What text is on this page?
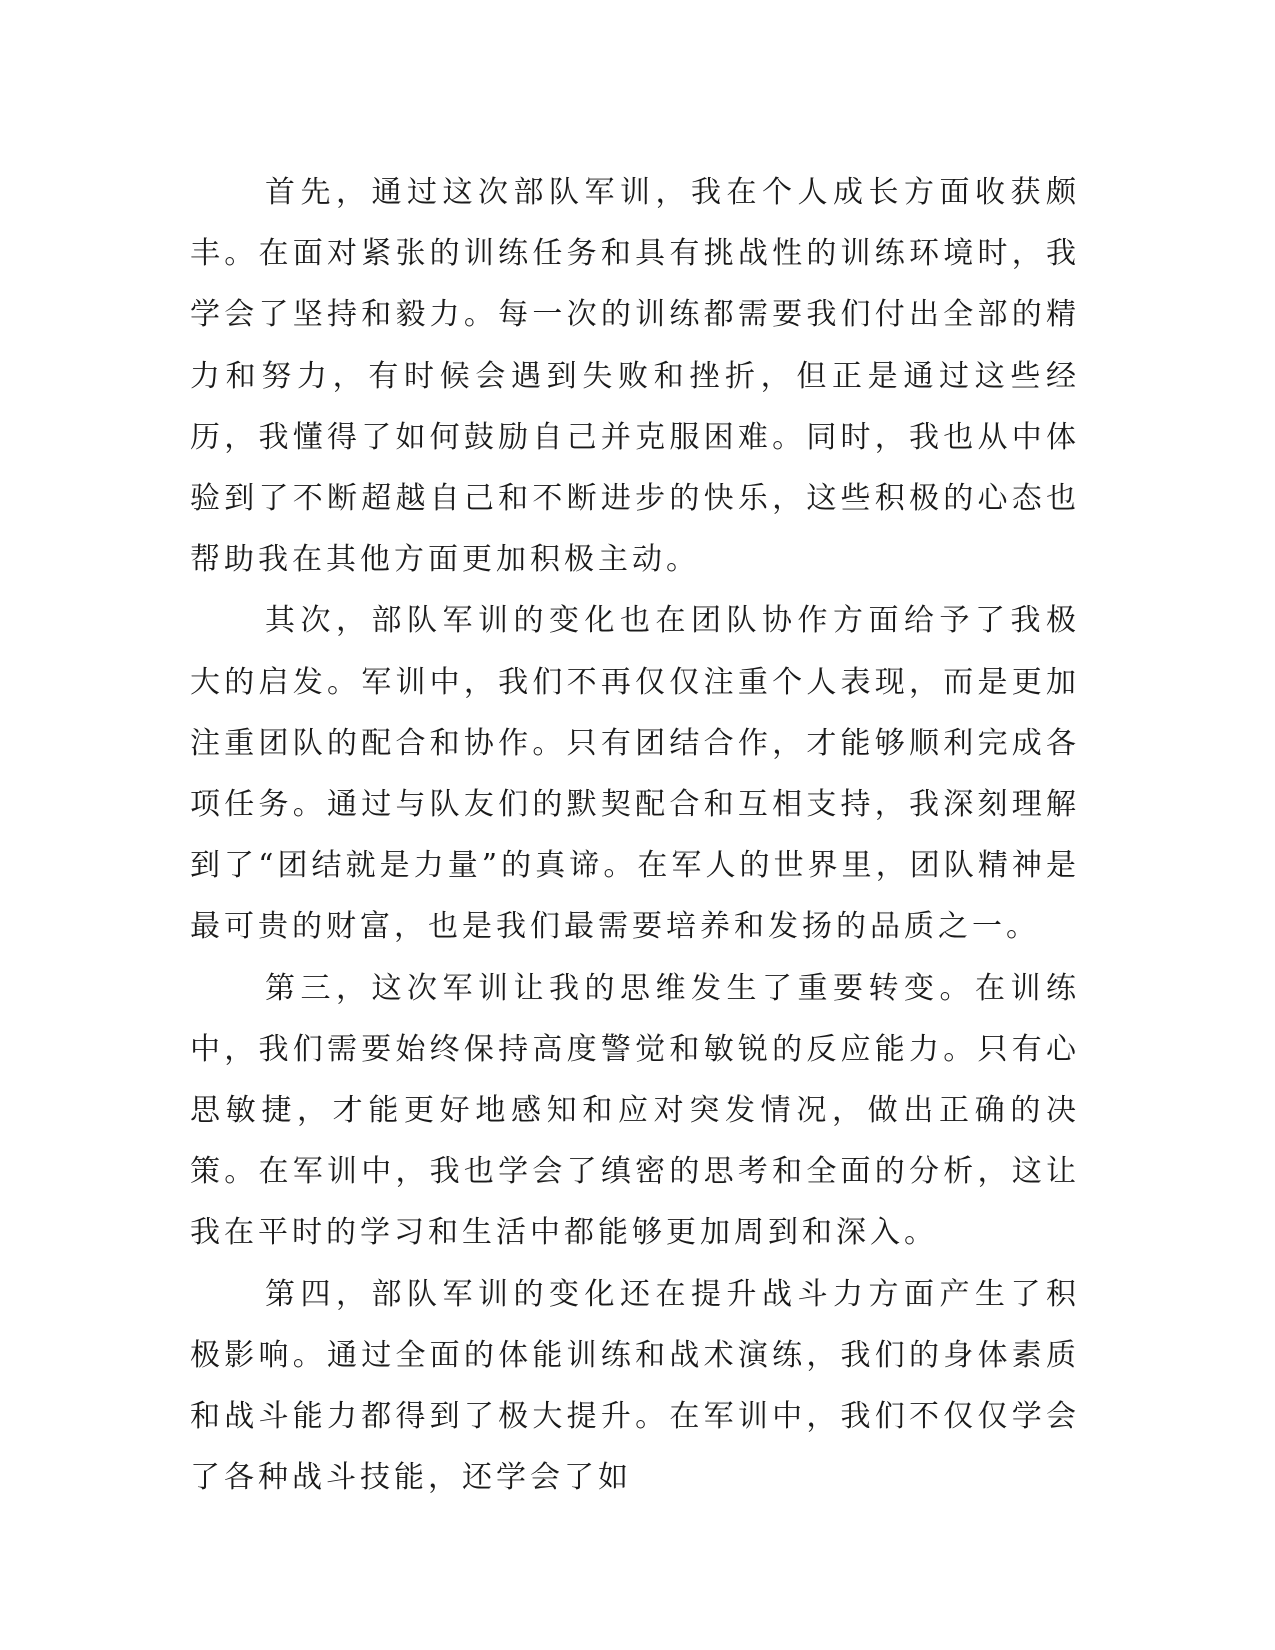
首先，通过这次部队军训，我在个人成长方面收获颇丰。在面对紧张的训练任务和具有挑战性的训练环境时，我学会了坚持和毅力。每一次的训练都需要我们付出全部的精力和努力，有时候会遇到失败和挫折，但正是通过这些经历，我懂得了如何鼓励自己并克服困难。同时，我也从中体验到了不断超越自己和不断进步的快乐，这些积极的心态也帮助我在其他方面更加积极主动。

其次，部队军训的变化也在团队协作方面给予了我极大的启发。军训中，我们不再仅仅注重个人表现，而是更加注重团队的配合和协作。只有团结合作，才能够顺利完成各项任务。通过与队友们的默契配合和互相支持，我深刻理解到了“团结就是力量”的真谛。在军人的世界里，团队精神是最可贵的财富，也是我们最需要培养和发扬的品质之一。

第三，这次军训让我的思维发生了重要转变。在训练中，我们需要始终保持高度警觉和敏锐的反应能力。只有心思敏捷，才能更好地感知和应对突发情况，做出正确的决策。在军训中，我也学会了缜密的思考和全面的分析，这让我在平时的学习和生活中都能够更加周到和深入。

第四，部队军训的变化还在提升战斗力方面产生了积极影响。通过全面的体能训练和战术演练，我们的身体素质和战斗能力都得到了极大提升。在军训中，我们不仅仅学会了各种战斗技能，还学会了如
